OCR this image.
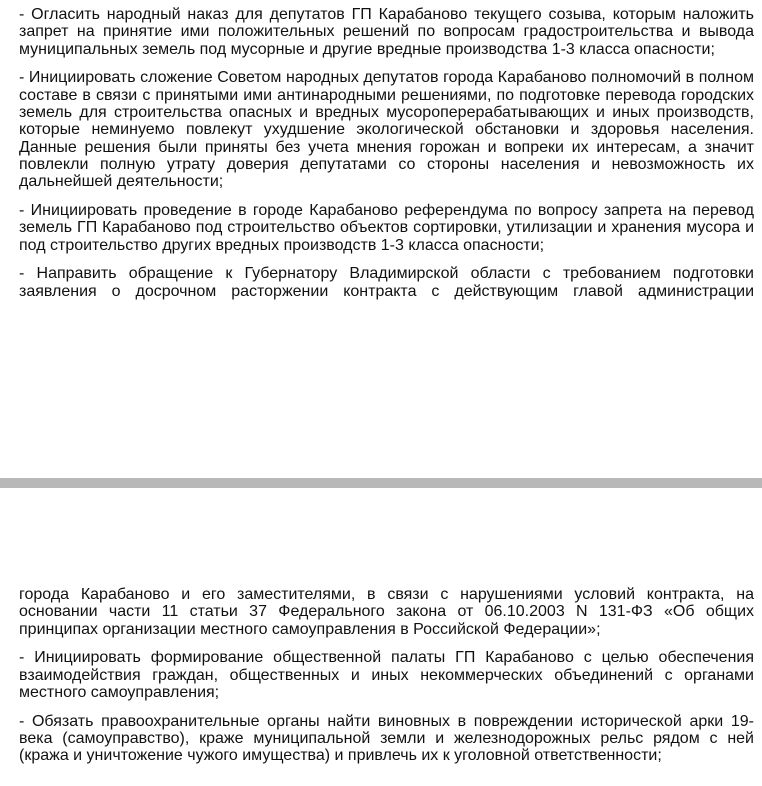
- Огласить народный наказ для депутатов ГП Карабаново текущего созыва, которым наложить запрет на принятие ими положительных решений по вопросам градостроительства и вывода муниципальных земель под мусорные и другие вредные производства 1-3 класса опасности;

- Инициировать сложение Советом народных депутатов города Карабаново полномочий в полном составе в связи с принятыми ими антинародными решениями, по подготовке перевода городских земель для строительства опасных и вредных мусороперерабатывающих и иных производств, которые неминуемо повлекут ухудшение экологической обстановки и здоровья населения. Данные решения были приняты без учета мнения горожан и вопреки их интересам, а значит повлекли полную утрату доверия депутатами со стороны населения и невозможность их дальнейшей деятельности;

- Инициировать проведение в городе Карабаново референдума по вопросу запрета на перевод земель ГП Карабаново под строительство объектов сортировки, утилизации и хранения мусора и под строительство других вредных производств 1-3 класса опасности;

- Направить обращение к Губернатору Владимирской области с требованием подготовки заявления о досрочном расторжении контракта с действующим главой администрации

города Карабаново и его заместителями, в связи с нарушениями условий контракта, на основании части 11 статьи 37 Федерального закона от 06.10.2003 N 131-ФЗ «Об общих принципах организации местного самоуправления в Российской Федерации»;

- Инициировать формирование общественной палаты ГП Карабаново с целью обеспечения взаимодействия граждан, общественных и иных некоммерческих объединений с органами местного самоуправления;

- Обязать правоохранительные органы найти виновных в повреждении исторической арки 19-века (самоуправство), краже муниципальной земли и железнодорожных рельс рядом с ней (кража и уничтожение чужого имущества) и привлечь их к уголовной ответственности;
